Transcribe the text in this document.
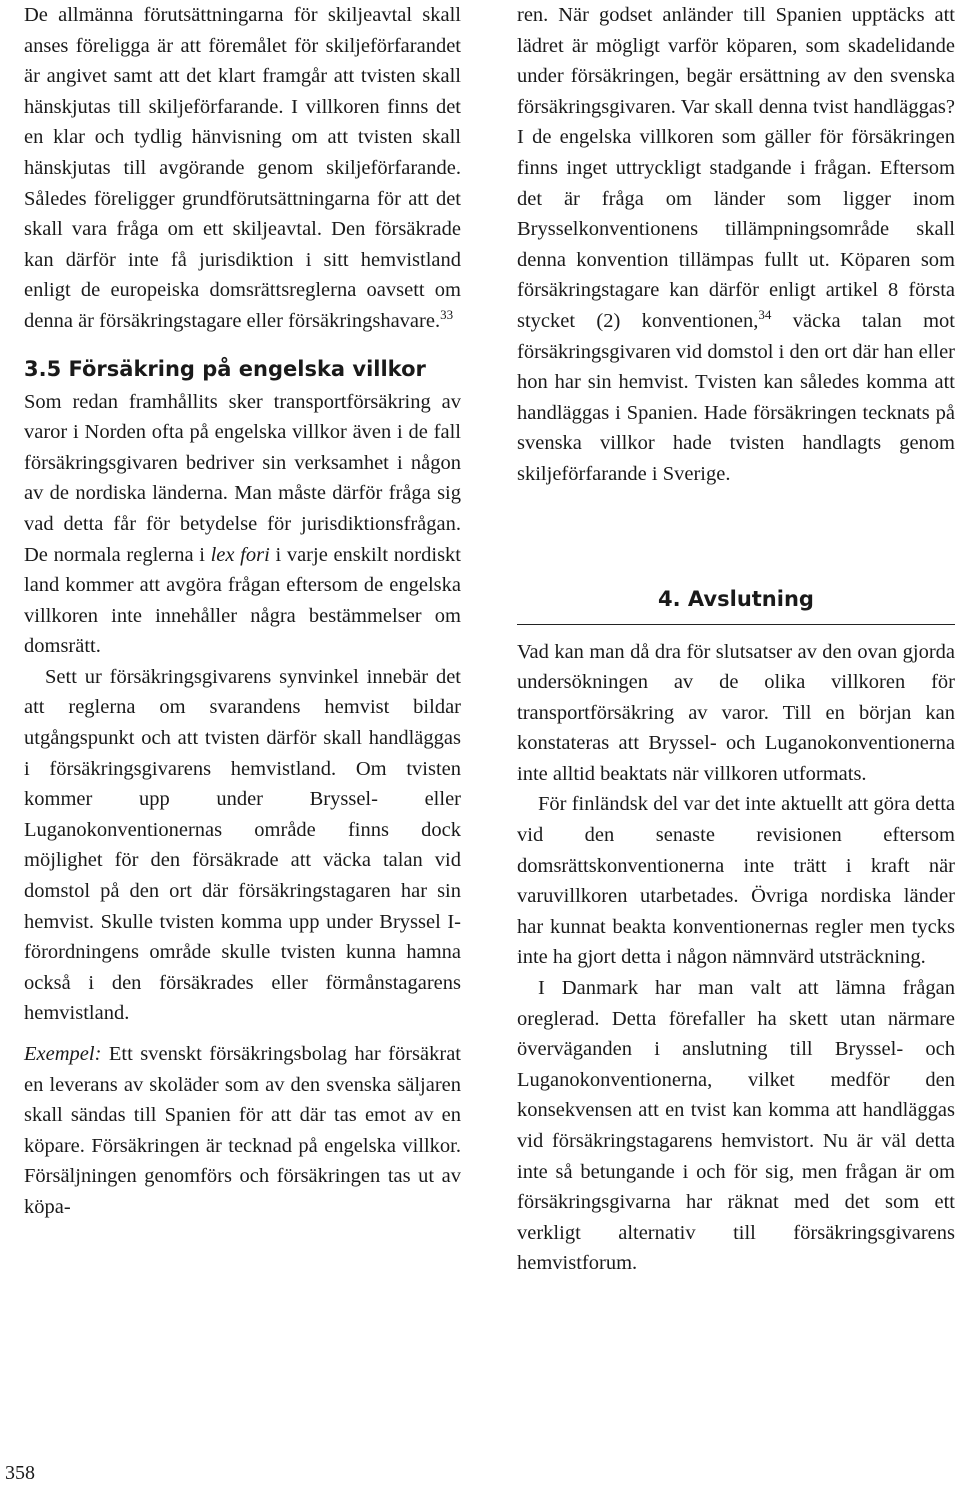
De allmänna förutsättningarna för skiljeavtal skall anses föreligga är att föremålet för skiljeförfarandet är angivet samt att det klart framgår att tvisten skall hänskjutas till skiljeförfarande. I villkoren finns det en klar och tydlig hänvisning om att tvisten skall hänskjutas till avgörande genom skiljeförfarande. Således föreligger grundförutsättningarna för att det skall vara fråga om ett skiljeavtal. Den försäkrade kan därför inte få jurisdiktion i sitt hemvistland enligt de europeiska domsrättsreglerna oavsett om denna är försäkringstagare eller försäkringshavare.$^{33}$

3.5 Försäkring på engelska villkor

Som redan framhållits sker transportförsäkring av varor i Norden ofta på engelska villkor även i de fall försäkringsgivaren bedriver sin verksamhet i någon av de nordiska länderna. Man måste därför fråga sig vad detta får för betydelse för jurisdiktionsfrågan. De normala reglerna i lex fori i varje enskilt nordiskt land kommer att avgöra frågan eftersom de engelska villkoren inte innehåller några bestämmelser om domsrätt.

Sett ur försäkringsgivarens synvinkel innebär det att reglerna om svarandens hemvist bildar utgångspunkt och att tvisten därför skall handläggas i försäkringsgivarens hemvistland. Om tvisten kommer upp under Bryssel- eller Luganokonventionernas område finns dock möjlighet för den försäkrade att väcka talan vid domstol på den ort där försäkringstagaren har sin hemvist. Skulle tvisten komma upp under Bryssel I-förordningens område skulle tvisten kunna hamna också i den försäkrades eller förmånstagarens hemvistland.

Exempel: Ett svenskt försäkringsbolag har försäkrat en leverans av skoläder som av den svenska säljaren skall sändas till Spanien för att där tas emot av en köpare. Försäkringen är tecknad på engelska villkor. Försäljningen genomförs och försäkringen tas ut av köpa-

ren. När godset anländer till Spanien upptäcks att lädret är mögligt varför köparen, som skadelidande under försäkringen, begär ersättning av den svenska försäkringsgivaren. Var skall denna tvist handläggas? I de engelska villkoren som gäller för försäkringen finns inget uttryckligt stadgande i frågan. Eftersom det är fråga om länder som ligger inom Brysselkonventionens tillämpningsområde skall denna konvention tillämpas fullt ut. Köparen som försäkringstagare kan därför enligt artikel 8 första stycket (2) konventionen,$^{34}$ väcka talan mot försäkringsgivaren vid domstol i den ort där han eller hon har sin hemvist. Tvisten kan således komma att handläggas i Spanien. Hade försäkringen tecknats på svenska villkor hade tvisten handlagts genom skiljeförfarande i Sverige.

4. Avslutning

Vad kan man då dra för slutsatser av den ovan gjorda undersökningen av de olika villkoren för transportförsäkring av varor. Till en början kan konstateras att Bryssel- och Luganokonventionerna inte alltid beaktats när villkoren utformats.

För finländsk del var det inte aktuellt att göra detta vid den senaste revisionen eftersom domsrättskonventionerna inte trätt i kraft när varuvillkoren utarbetades. Övriga nordiska länder har kunnat beakta konventionernas regler men tycks inte ha gjort detta i någon nämnvärd utsträckning.

I Danmark har man valt att lämna frågan oreglerad. Detta förefaller ha skett utan närmare överväganden i anslutning till Bryssel- och Luganokonventionerna, vilket medför den konsekvensen att en tvist kan komma att handläggas vid försäkringstagarens hemvistort. Nu är väl detta inte så betungande i och för sig, men frågan är om försäkringsgivarna har räknat med det som ett verkligt alternativ till försäkringsgivarens hemvistforum.

358
